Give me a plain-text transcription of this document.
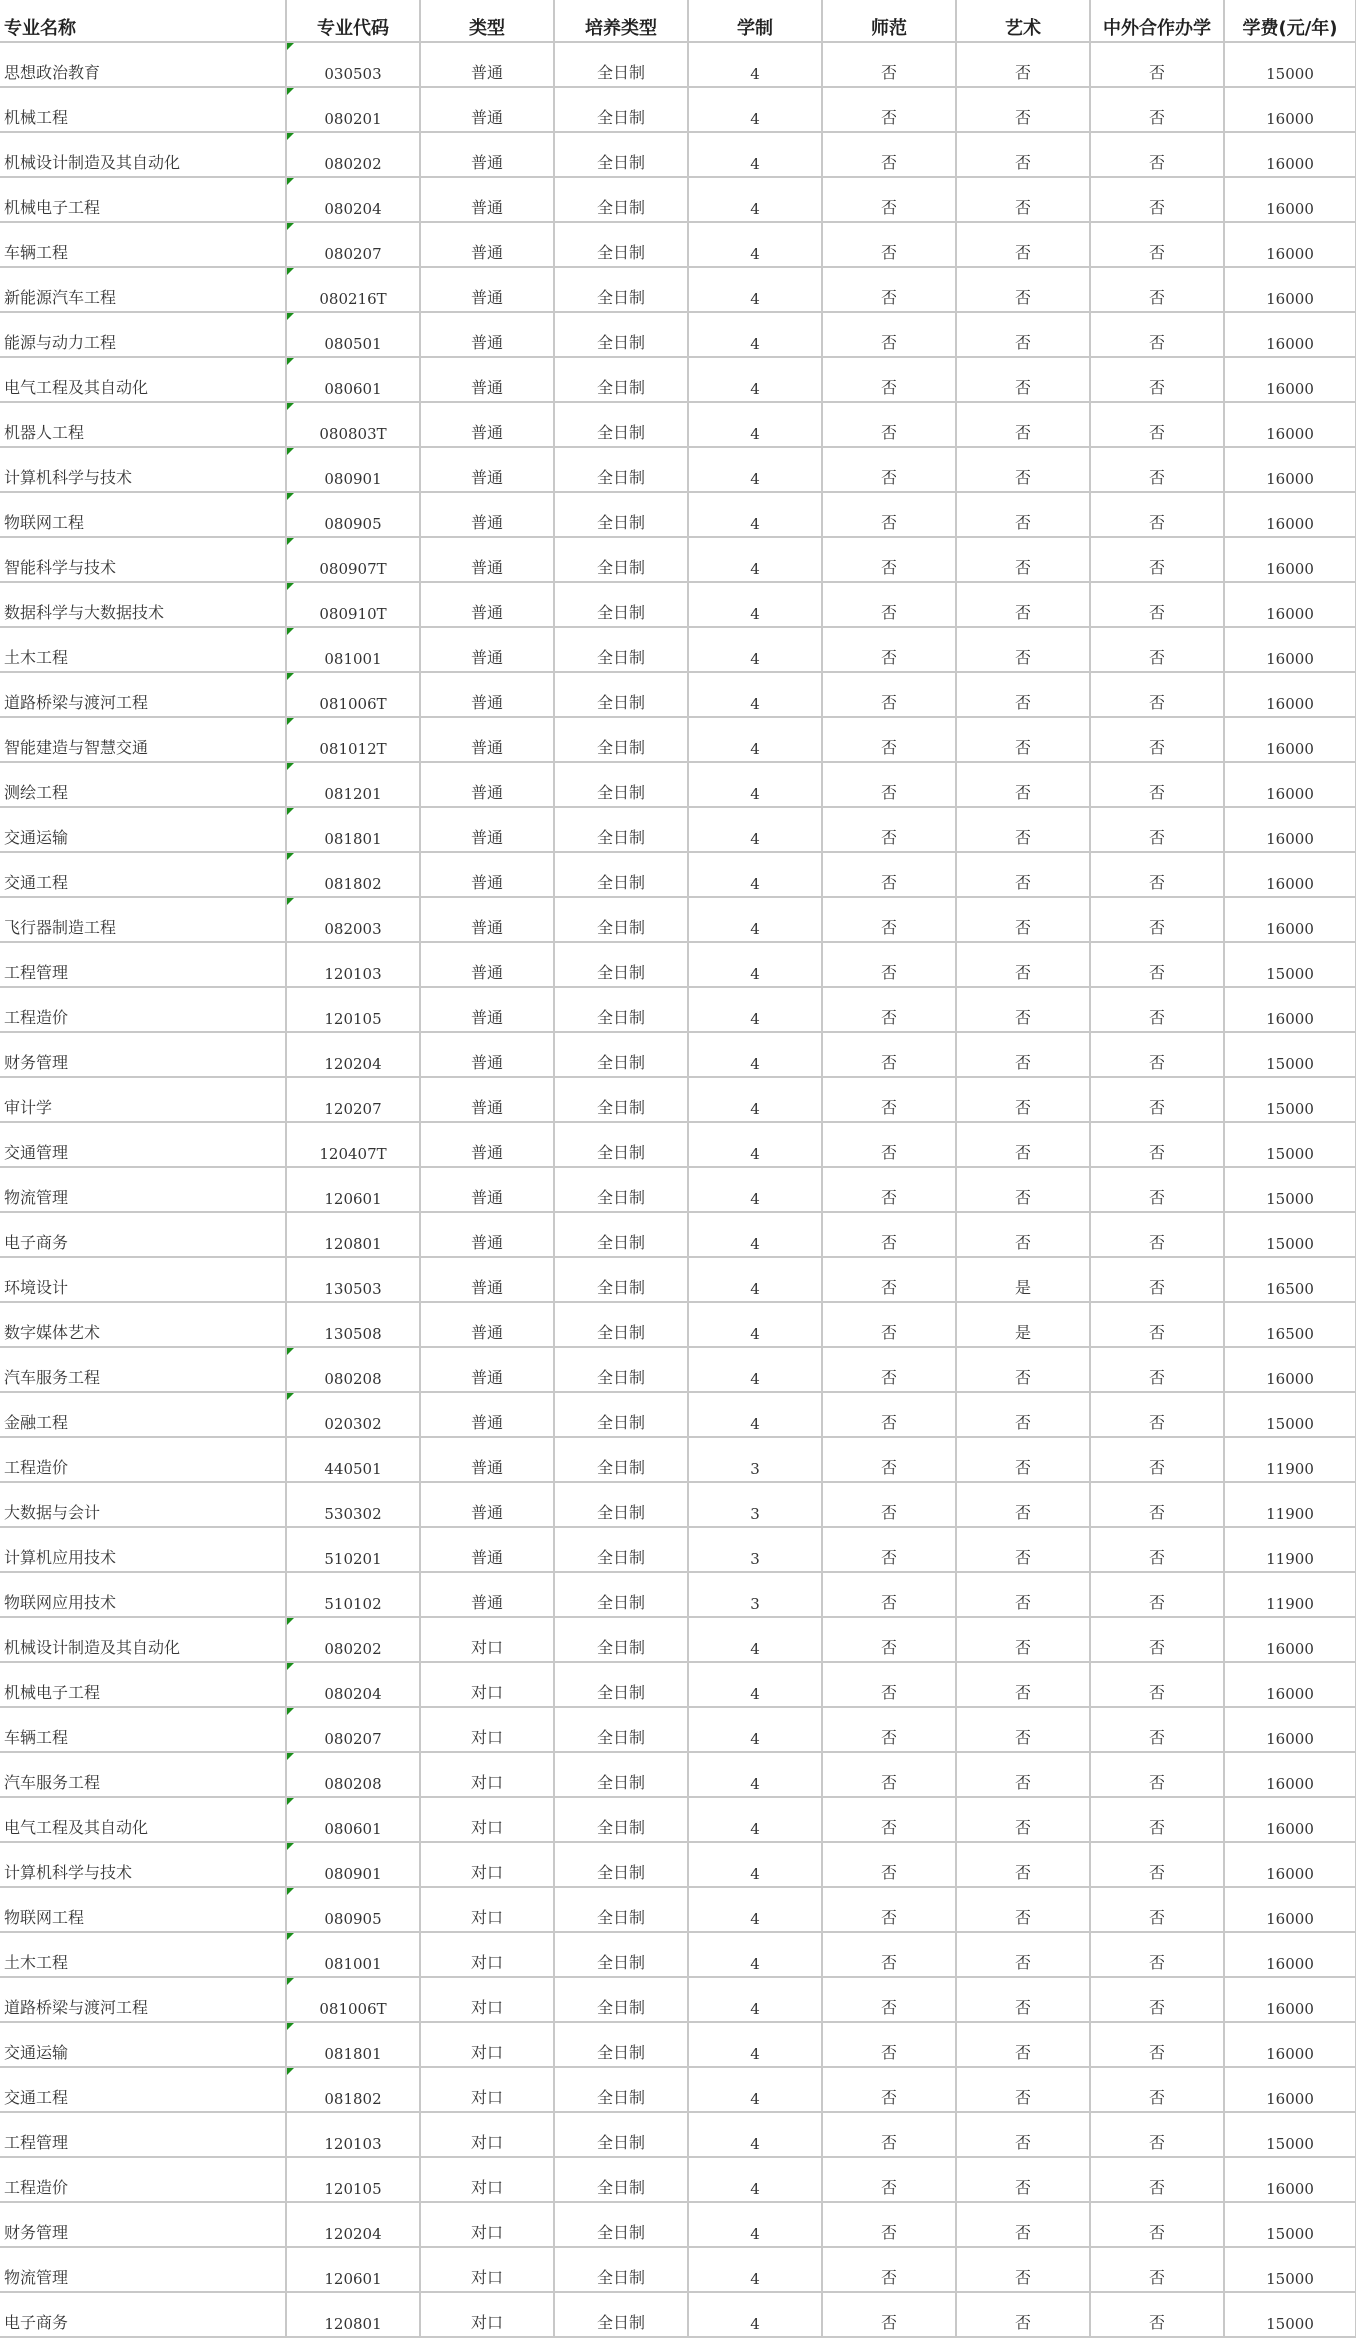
专业名称	专业代码	类型	培养类型	学制	师范	艺术	中外合作办学	学费(元/年)
思想政治教育	030503	普通	全日制	4	否	否	否	15000
机械工程	080201	普通	全日制	4	否	否	否	16000
机械设计制造及其自动化	080202	普通	全日制	4	否	否	否	16000
机械电子工程	080204	普通	全日制	4	否	否	否	16000
车辆工程	080207	普通	全日制	4	否	否	否	16000
新能源汽车工程	080216T	普通	全日制	4	否	否	否	16000
能源与动力工程	080501	普通	全日制	4	否	否	否	16000
电气工程及其自动化	080601	普通	全日制	4	否	否	否	16000
机器人工程	080803T	普通	全日制	4	否	否	否	16000
计算机科学与技术	080901	普通	全日制	4	否	否	否	16000
物联网工程	080905	普通	全日制	4	否	否	否	16000
智能科学与技术	080907T	普通	全日制	4	否	否	否	16000
数据科学与大数据技术	080910T	普通	全日制	4	否	否	否	16000
土木工程	081001	普通	全日制	4	否	否	否	16000
道路桥梁与渡河工程	081006T	普通	全日制	4	否	否	否	16000
智能建造与智慧交通	081012T	普通	全日制	4	否	否	否	16000
测绘工程	081201	普通	全日制	4	否	否	否	16000
交通运输	081801	普通	全日制	4	否	否	否	16000
交通工程	081802	普通	全日制	4	否	否	否	16000
飞行器制造工程	082003	普通	全日制	4	否	否	否	16000
工程管理	120103	普通	全日制	4	否	否	否	15000
工程造价	120105	普通	全日制	4	否	否	否	16000
财务管理	120204	普通	全日制	4	否	否	否	15000
审计学	120207	普通	全日制	4	否	否	否	15000
交通管理	120407T	普通	全日制	4	否	否	否	15000
物流管理	120601	普通	全日制	4	否	否	否	15000
电子商务	120801	普通	全日制	4	否	否	否	15000
环境设计	130503	普通	全日制	4	否	是	否	16500
数字媒体艺术	130508	普通	全日制	4	否	是	否	16500
汽车服务工程	080208	普通	全日制	4	否	否	否	16000
金融工程	020302	普通	全日制	4	否	否	否	15000
工程造价	440501	普通	全日制	3	否	否	否	11900
大数据与会计	530302	普通	全日制	3	否	否	否	11900
计算机应用技术	510201	普通	全日制	3	否	否	否	11900
物联网应用技术	510102	普通	全日制	3	否	否	否	11900
机械设计制造及其自动化	080202	对口	全日制	4	否	否	否	16000
机械电子工程	080204	对口	全日制	4	否	否	否	16000
车辆工程	080207	对口	全日制	4	否	否	否	16000
汽车服务工程	080208	对口	全日制	4	否	否	否	16000
电气工程及其自动化	080601	对口	全日制	4	否	否	否	16000
计算机科学与技术	080901	对口	全日制	4	否	否	否	16000
物联网工程	080905	对口	全日制	4	否	否	否	16000
土木工程	081001	对口	全日制	4	否	否	否	16000
道路桥梁与渡河工程	081006T	对口	全日制	4	否	否	否	16000
交通运输	081801	对口	全日制	4	否	否	否	16000
交通工程	081802	对口	全日制	4	否	否	否	16000
工程管理	120103	对口	全日制	4	否	否	否	15000
工程造价	120105	对口	全日制	4	否	否	否	16000
财务管理	120204	对口	全日制	4	否	否	否	15000
物流管理	120601	对口	全日制	4	否	否	否	15000
电子商务	120801	对口	全日制	4	否	否	否	15000
